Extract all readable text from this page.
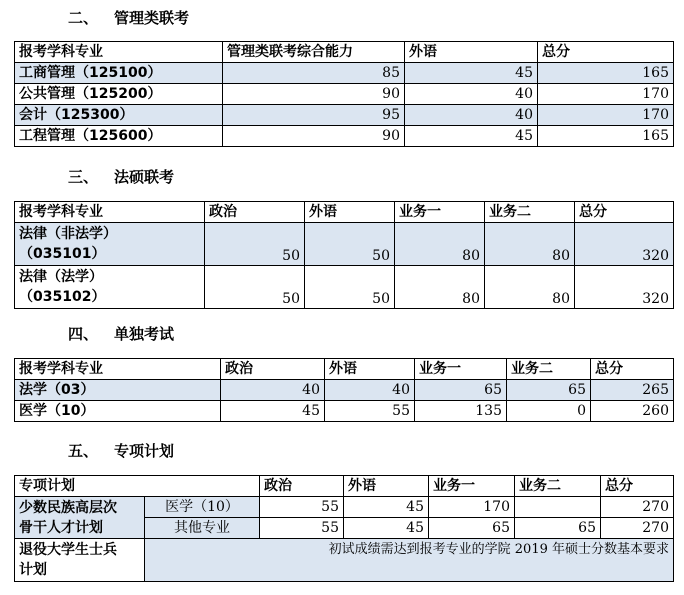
二、 管理类联考
报考学科专业	管理类联考综合能力	外语	总分
工商管理（125100）	85	45	165
公共管理（125200）	90	40	170
会计（125300）	95	40	170
工程管理（125600）	90	45	165
三、 法硕联考
报考学科专业	政治	外语	业务一	业务二	总分

法律（非法学）
（035101）	50	50	80	80	320

法律（法学）
（035102）	50	50	80	80	320
四、 单独考试
报考学科专业	政治	外语	业务一	业务二	总分
法学（03）	40	40	65	65	265
医学（10）	45	55	135	0	260
五、 专项计划
专项计划		政治	外语	业务一	业务二	总分

少数民族高层次
骨干人才计划	医学（10）	55	45	170		270
	其他专业	55	45	65	65	270

退役大学生士兵
计划	初试成绩需达到报考专业的学院 2019 年硕士分数基本要求					
